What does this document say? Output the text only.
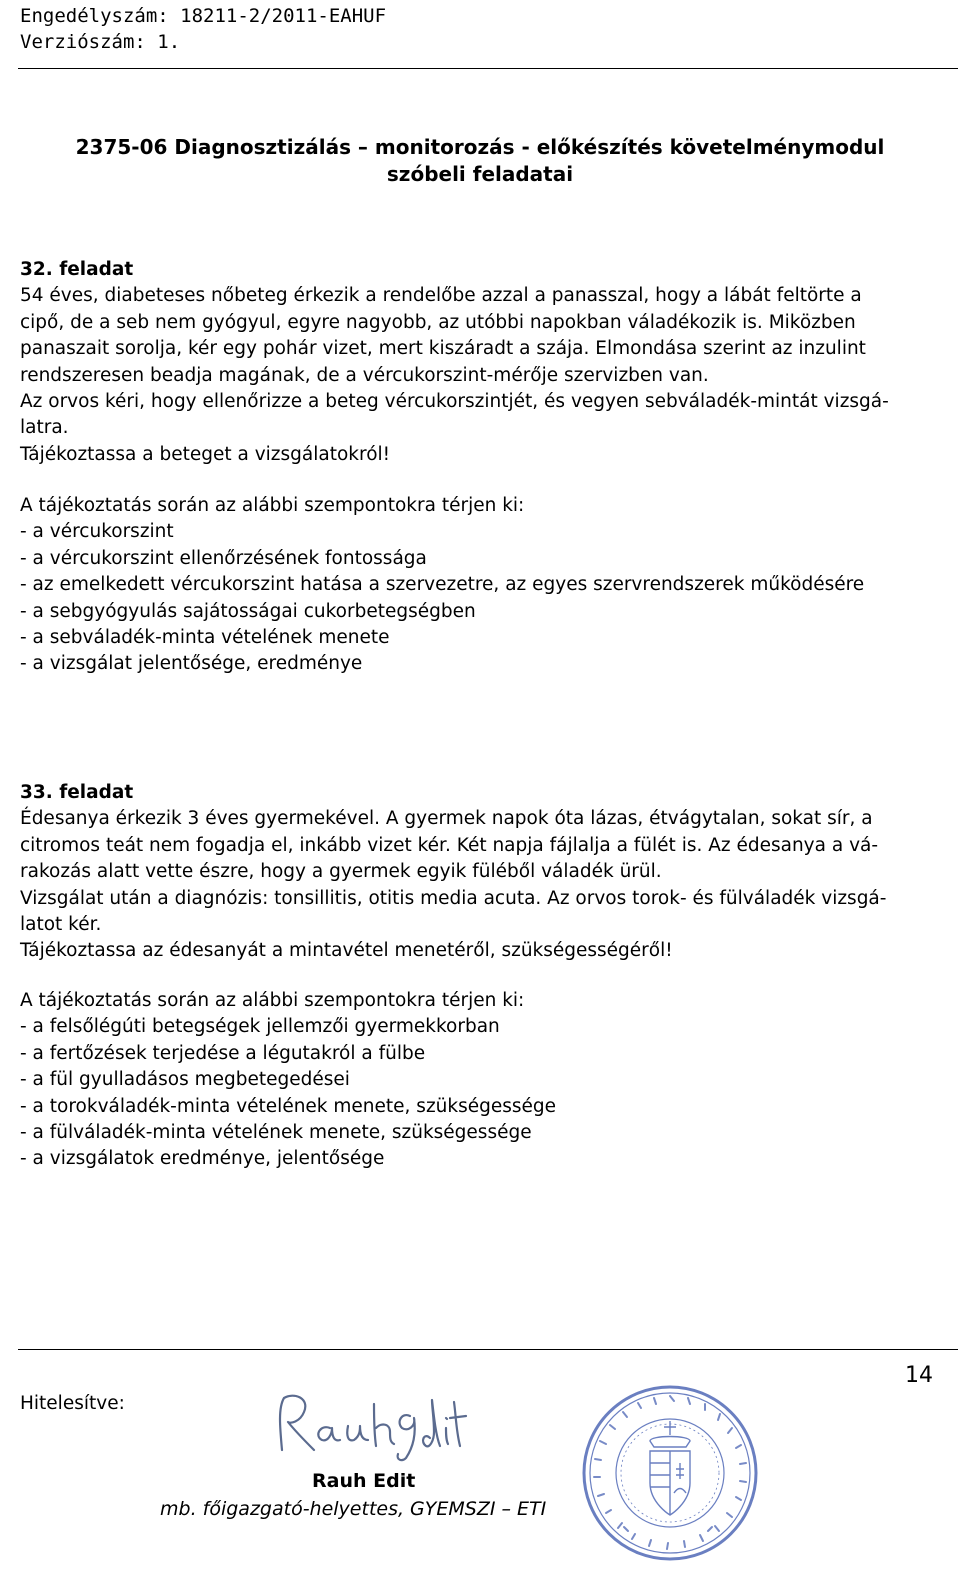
Engedélyszám: 18211-2/2011-EAHUF
Verziószám: 1.
2375-06 Diagnosztizálás – monitorozás - előkészítés követelménymodul
szóbeli feladatai

32. feladat

54 éves, diabeteses nőbeteg érkezik a rendelőbe azzal a panasszal, hogy a lábát feltörte a

cipő, de a seb nem gyógyul, egyre nagyobb, az utóbbi napokban váladékozik is. Miközben

panaszait sorolja, kér egy pohár vizet, mert kiszáradt a szája. Elmondása szerint az inzulint

rendszeresen beadja magának, de a vércukorszint-mérője szervizben van.

Az orvos kéri, hogy ellenőrizze a beteg vércukorszintjét, és vegyen sebváladék-mintát vizsgá-

latra.

Tájékoztassa a beteget a vizsgálatokról!

A tájékoztatás során az alábbi szempontokra térjen ki:

- a vércukorszint

- a vércukorszint ellenőrzésének fontossága

- az emelkedett vércukorszint hatása a szervezetre, az egyes szervrendszerek működésére

- a sebgyógyulás sajátosságai cukorbetegségben

- a sebváladék-minta vételének menete

- a vizsgálat jelentősége, eredménye

33. feladat

Édesanya érkezik 3 éves gyermekével. A gyermek napok óta lázas, étvágytalan, sokat sír, a

citromos teát nem fogadja el, inkább vizet kér. Két napja fájlalja a fülét is. Az édesanya a vá-

rakozás alatt vette észre, hogy a gyermek egyik füléből váladék ürül.

Vizsgálat után a diagnózis: tonsillitis, otitis media acuta. Az orvos torok- és fülváladék vizsgá-

latot kér.

Tájékoztassa az édesanyát a mintavétel menetéről, szükségességéről!

A tájékoztatás során az alábbi szempontokra térjen ki:

- a felsőlégúti betegségek jellemzői gyermekkorban

- a fertőzések terjedése a légutakról a fülbe

- a fül gyulladásos megbetegedései

- a torokváladék-minta vételének menete, szükségessége

- a fülváladék-minta vételének menete, szükségessége

- a vizsgálatok eredménye, jelentősége

14
Hitelesítve:
Rauh Edit
mb. főigazgató-helyettes, GYEMSZI – ETI
